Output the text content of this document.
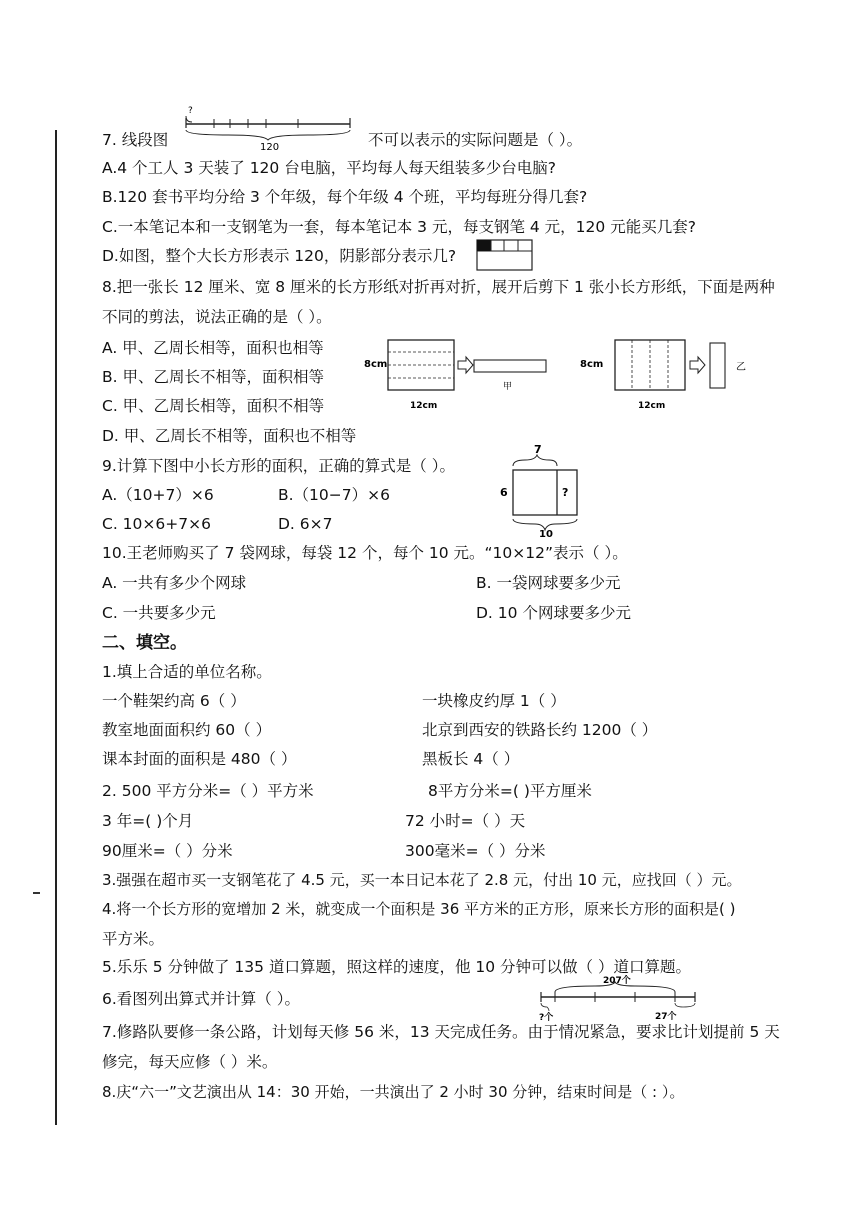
7. 线段图
?
120	不可以表示的实际问题是（ ）。
A.4 个工人 3 天装了 120 台电脑，平均每人每天组装多少台电脑?
B.120 套书平均分给 3 个年级，每个年级 4 个班，平均每班分得几套?
C.一本笔记本和一支钢笔为一套，每本笔记本 3 元，每支钢笔 4 元，120 元能买几套?
D.如图，整个大长方形表示 120，阴影部分表示几?
8.把一张长 12 厘米、宽 8 厘米的长方形纸对折再对折，展开后剪下 1 张小长方形纸，下面是两种
不同的剪法，说法正确的是（ ）。
A. 甲、乙周长相等，面积也相等
B. 甲、乙周长不相等，面积相等
C. 甲、乙周长相等，面积不相等
D. 甲、乙周长不相等，面积也不相等
8cm
12cm
甲
8cm
12cm
乙
9.计算下图中小长方形的面积，正确的算式是（ ）。
A.（10+7）×6	B.（10−7）×6
C. 10×6+7×6	D. 6×7
7
6	?
10
10.王老师购买了 7 袋网球，每袋 12 个，每个 10 元。“10×12”表示（ ）。
A. 一共有多少个网球	B. 一袋网球要多少元
C. 一共要多少元	D. 10 个网球要多少元
二、填空。
1.填上合适的单位名称。
一个鞋架约高 6（ ）	一块橡皮约厚 1（ ）
教室地面面积约 60（ ）	北京到西安的铁路长约 1200（ ）
课本封面的面积是 480（ ）	黑板长 4（ ）
2. 500 平方分米=（ ）平方米	8平方分米=( )平方厘米
3 年=( )个月	72 小时=（ ）天
90厘米=（ ）分米	300毫米=（ ）分米
3.强强在超市买一支钢笔花了 4.5 元，买一本日记本花了 2.8 元，付出 10 元，应找回（ ）元。
4.将一个长方形的宽增加 2 米，就变成一个面积是 36 平方米的正方形，原来长方形的面积是( )
平方米。
5.乐乐 5 分钟做了 135 道口算题，照这样的速度，他 10 分钟可以做（ ）道口算题。
6.看图列出算式并计算（ ）。
207个
?个	27个
7.修路队要修一条公路，计划每天修 56 米，13 天完成任务。由于情况紧急，要求比计划提前 5 天
修完，每天应修（ ）米。
8.庆“六一”文艺演出从 14：30 开始，一共演出了 2 小时 30 分钟，结束时间是（ : ）。
